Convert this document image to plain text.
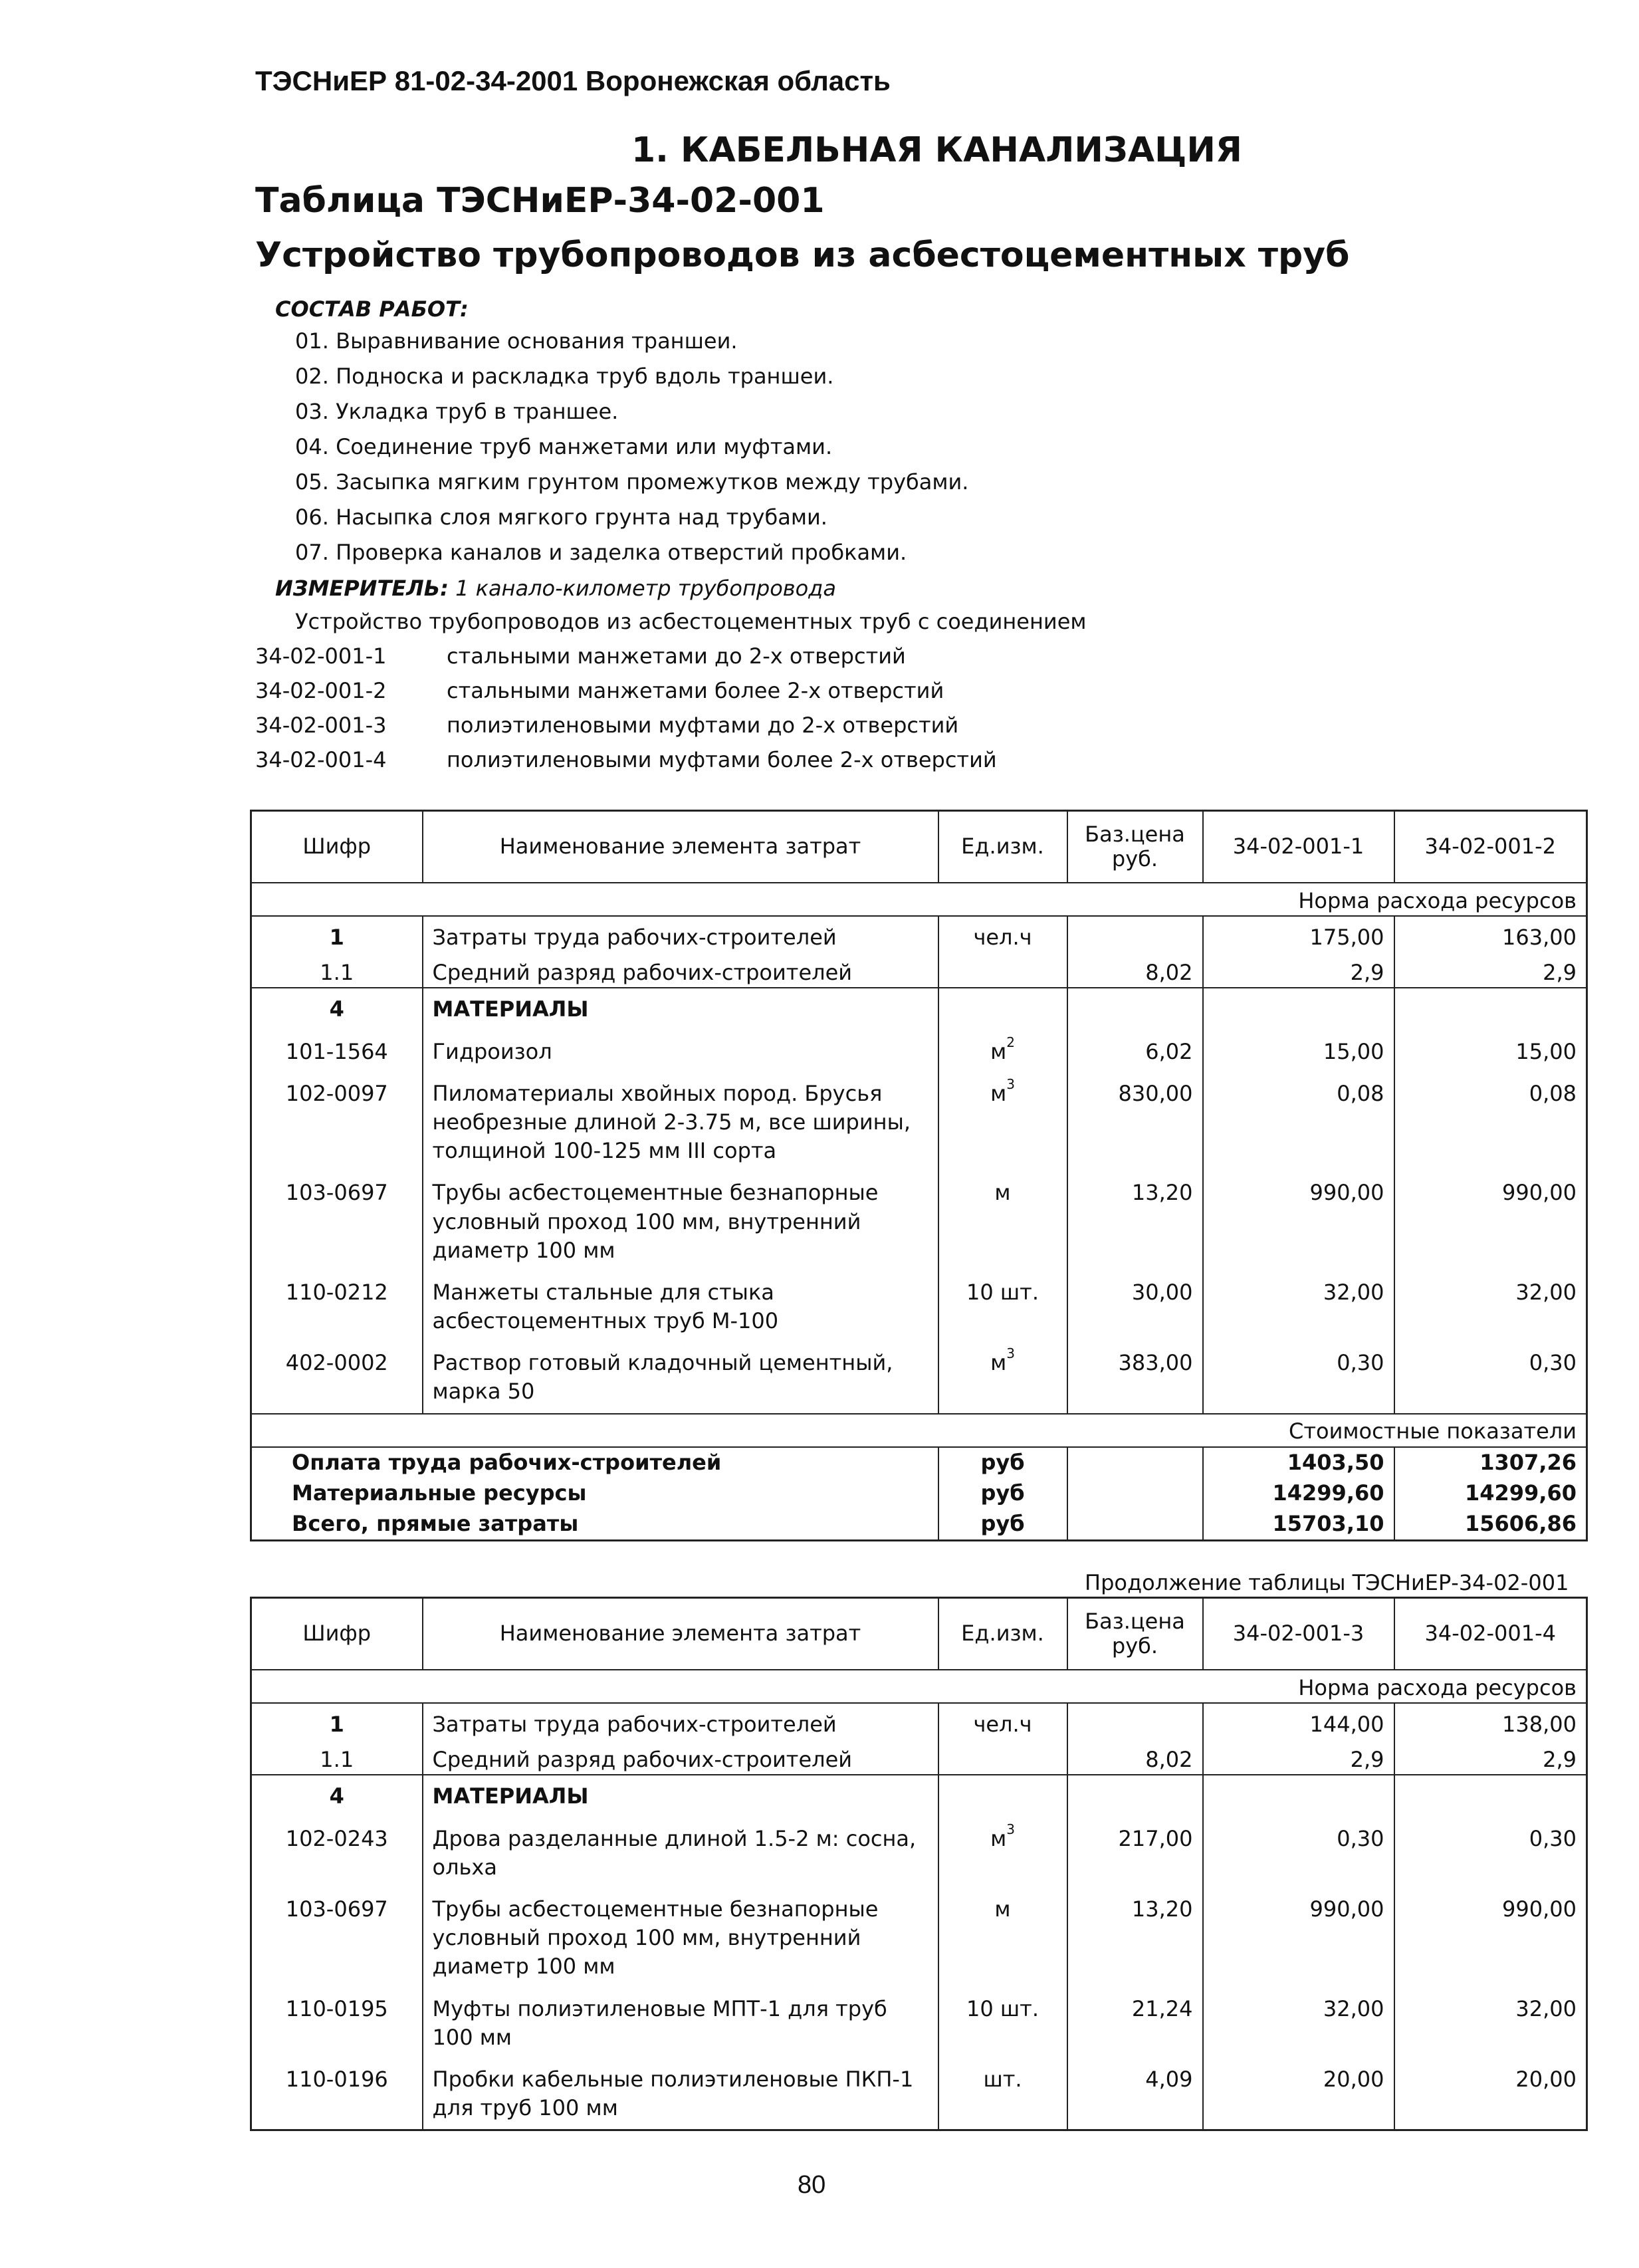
ТЭСНиЕР 81-02-34-2001 Воронежская область
1. КАБЕЛЬНАЯ КАНАЛИЗАЦИЯ
Таблица ТЭСНиЕР-34-02-001
Устройство трубопроводов из асбестоцементных труб
СОСТАВ РАБОТ:
01. Выравнивание основания траншеи.
02. Подноска и раскладка труб вдоль траншеи.
03. Укладка труб в траншее.
04. Соединение труб манжетами или муфтами.
05. Засыпка мягким грунтом промежутков между трубами.
06. Насыпка слоя мягкого грунта над трубами.
07. Проверка каналов и заделка отверстий пробками.
ИЗМЕРИТЕЛЬ: 1 канало-километр трубопровода
Устройство трубопроводов из асбестоцементных труб с соединением
34-02-001-1	стальными манжетами до 2-х отверстий
34-02-001-2	стальными манжетами более 2-х отверстий
34-02-001-3	полиэтиленовыми муфтами до 2-х отверстий
34-02-001-4	полиэтиленовыми муфтами более 2-х отверстий
Шифр	Наименование элемента затрат	Ед.изм.	Баз.цена руб.	34-02-001-1	34-02-001-2
Норма расхода ресурсов					
1	Затраты труда рабочих-строителей	чел.ч		175,00	163,00
1.1	Средний разряд рабочих-строителей		8,02	2,9	2,9
4	МАТЕРИАЛЫ				
101-1564	Гидроизол	$м^2$	6,02	15,00	15,00
102-0097	Пиломатериалы хвойных пород. Брусья необрезные длиной 2-3.75 м, все ширины, толщиной 100-125 мм III сорта	$м^3$	830,00	0,08	0,08
103-0697	Трубы асбестоцементные безнапорные условный проход 100 мм, внутренний диаметр 100 мм	м	13,20	990,00	990,00
110-0212	Манжеты стальные для стыка асбестоцементных труб М-100	10 шт.	30,00	32,00	32,00
402-0002	Раствор готовый кладочный цементный, марка 50	$м^3$	383,00	0,30	0,30
Стоимостные показатели					
Оплата труда рабочих-строителей		руб		1403,50	1307,26
Материальные ресурсы		руб		14299,60	14299,60
Всего, прямые затраты		руб		15703,10	15606,86
Продолжение таблицы ТЭСНиЕР-34-02-001
Шифр	Наименование элемента затрат	Ед.изм.	Баз.цена руб.	34-02-001-3	34-02-001-4
Норма расхода ресурсов					
1	Затраты труда рабочих-строителей	чел.ч		144,00	138,00
1.1	Средний разряд рабочих-строителей		8,02	2,9	2,9
4	МАТЕРИАЛЫ				
102-0243	Дрова разделанные длиной 1.5-2 м: сосна, ольха	$м^3$	217,00	0,30	0,30
103-0697	Трубы асбестоцементные безнапорные условный проход 100 мм, внутренний диаметр 100 мм	м	13,20	990,00	990,00
110-0195	Муфты полиэтиленовые МПТ-1 для труб 100 мм	10 шт.	21,24	32,00	32,00
110-0196	Пробки кабельные полиэтиленовые ПКП-1 для труб 100 мм	шт.	4,09	20,00	20,00
80
